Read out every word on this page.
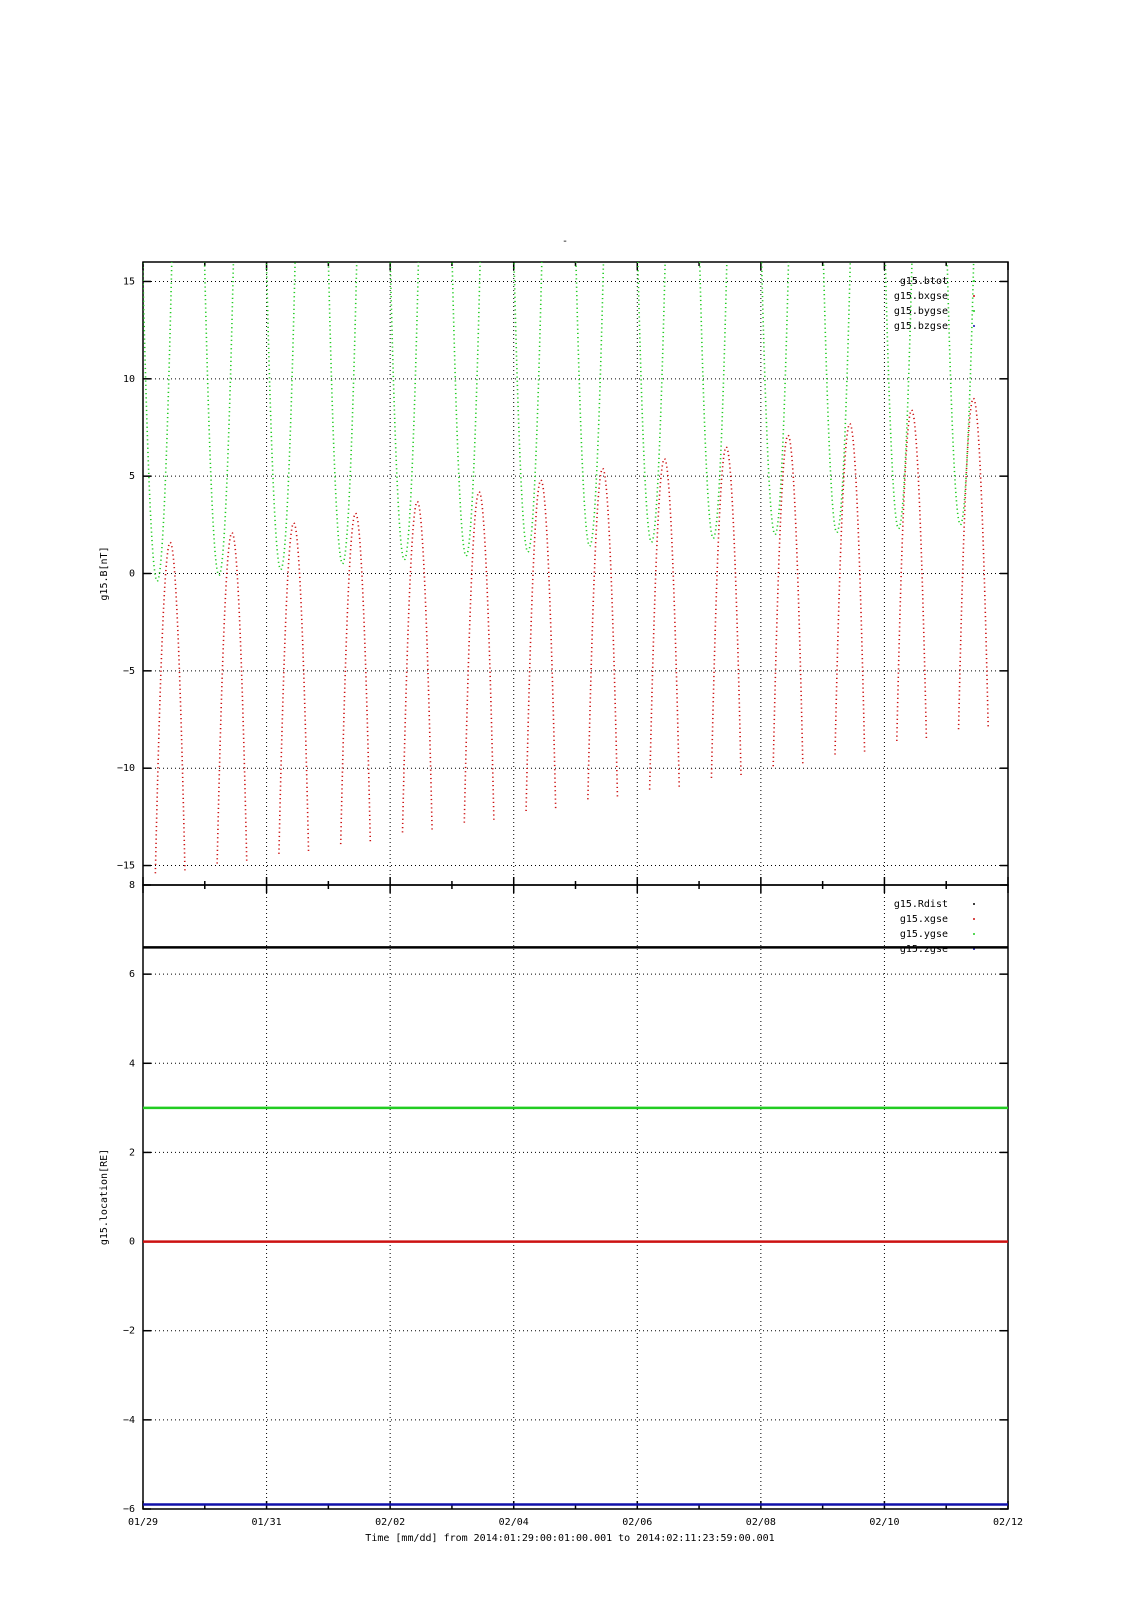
-
15
10
5
0
−5
−10
−15
g15.B[nT]
g15.btot
g15.bxgse
g15.bygse
g15.bzgse
8
6
4
2
0
−2
−4
−6
g15.location[RE]
g15.Rdist
g15.xgse
g15.ygse
g15.zgse
01/29	01/31	02/02	02/04	02/06	02/08	02/10	02/12
Time [mm/dd] from 2014:01:29:00:01:00.001 to 2014:02:11:23:59:00.001
